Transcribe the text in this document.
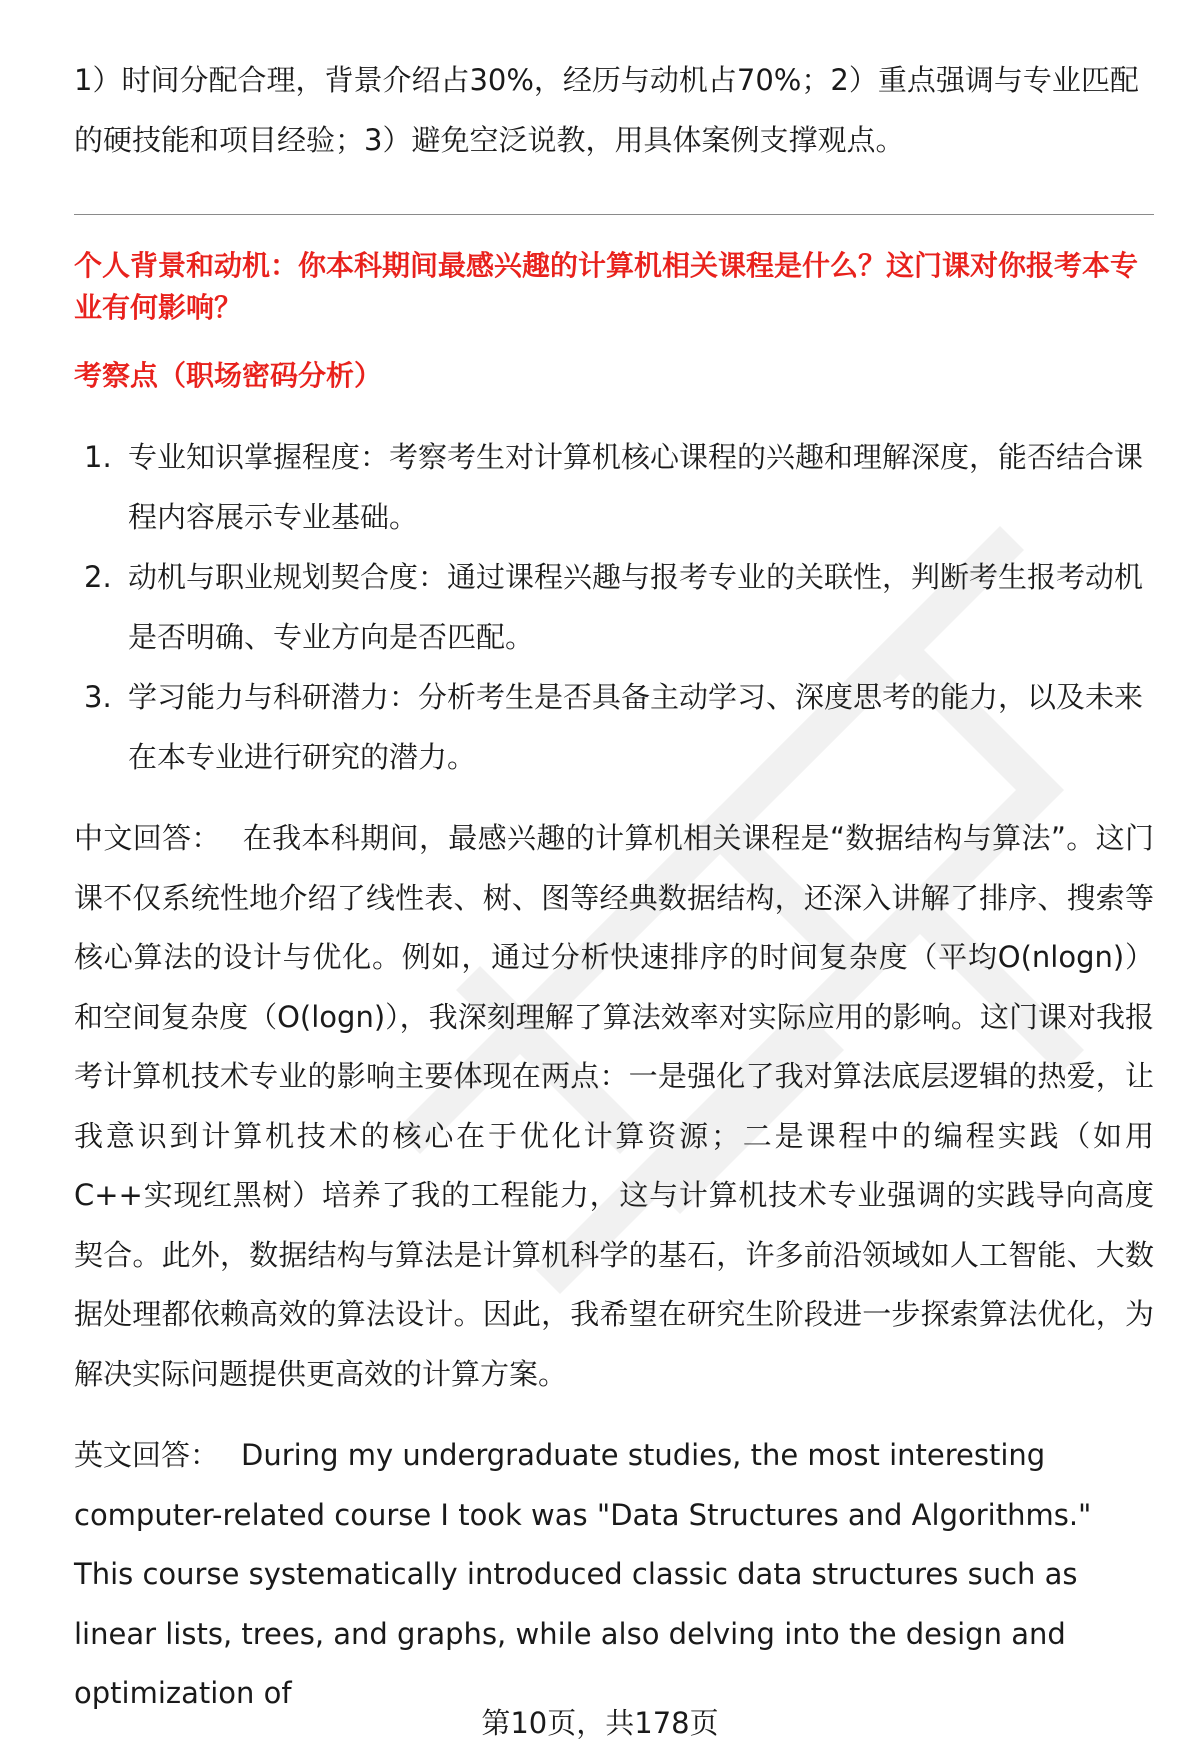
1）时间分配合理，背景介绍占30%，经历与动机占70%；2）重点强调与专业匹配的硬技能和项目经验；3）避免空泛说教，用具体案例支撑观点。

个人背景和动机：你本科期间最感兴趣的计算机相关课程是什么？这门课对你报考本专业有何影响？
考察点（职场密码分析）
1. 专业知识掌握程度：考察考生对计算机核心课程的兴趣和理解深度，能否结合课程内容展示专业基础。
2. 动机与职业规划契合度：通过课程兴趣与报考专业的关联性，判断考生报考动机是否明确、专业方向是否匹配。
3. 学习能力与科研潜力：分析考生是否具备主动学习、深度思考的能力，以及未来在本专业进行研究的潜力。

中文回答： 在我本科期间，最感兴趣的计算机相关课程是“数据结构与算法”。这门课不仅系统性地介绍了线性表、树、图等经典数据结构，还深入讲解了排序、搜索等核心算法的设计与优化。例如，通过分析快速排序的时间复杂度（平均O(nlogn)）和空间复杂度（O(logn)），我深刻理解了算法效率对实际应用的影响。这门课对我报考计算机技术专业的影响主要体现在两点：一是强化了我对算法底层逻辑的热爱，让我意识到计算机技术的核心在于优化计算资源；二是课程中的编程实践（如用C++实现红黑树）培养了我的工程能力，这与计算机技术专业强调的实践导向高度契合。此外，数据结构与算法是计算机科学的基石，许多前沿领域如人工智能、大数据处理都依赖高效的算法设计。因此，我希望在研究生阶段进一步探索算法优化，为解决实际问题提供更高效的计算方案。

英文回答： During my undergraduate studies, the most interesting computer-related course I took was "Data Structures and Algorithms." This course systematically introduced classic data structures such as linear lists, trees, and graphs, while also delving into the design and optimization of

第10页，共178页
